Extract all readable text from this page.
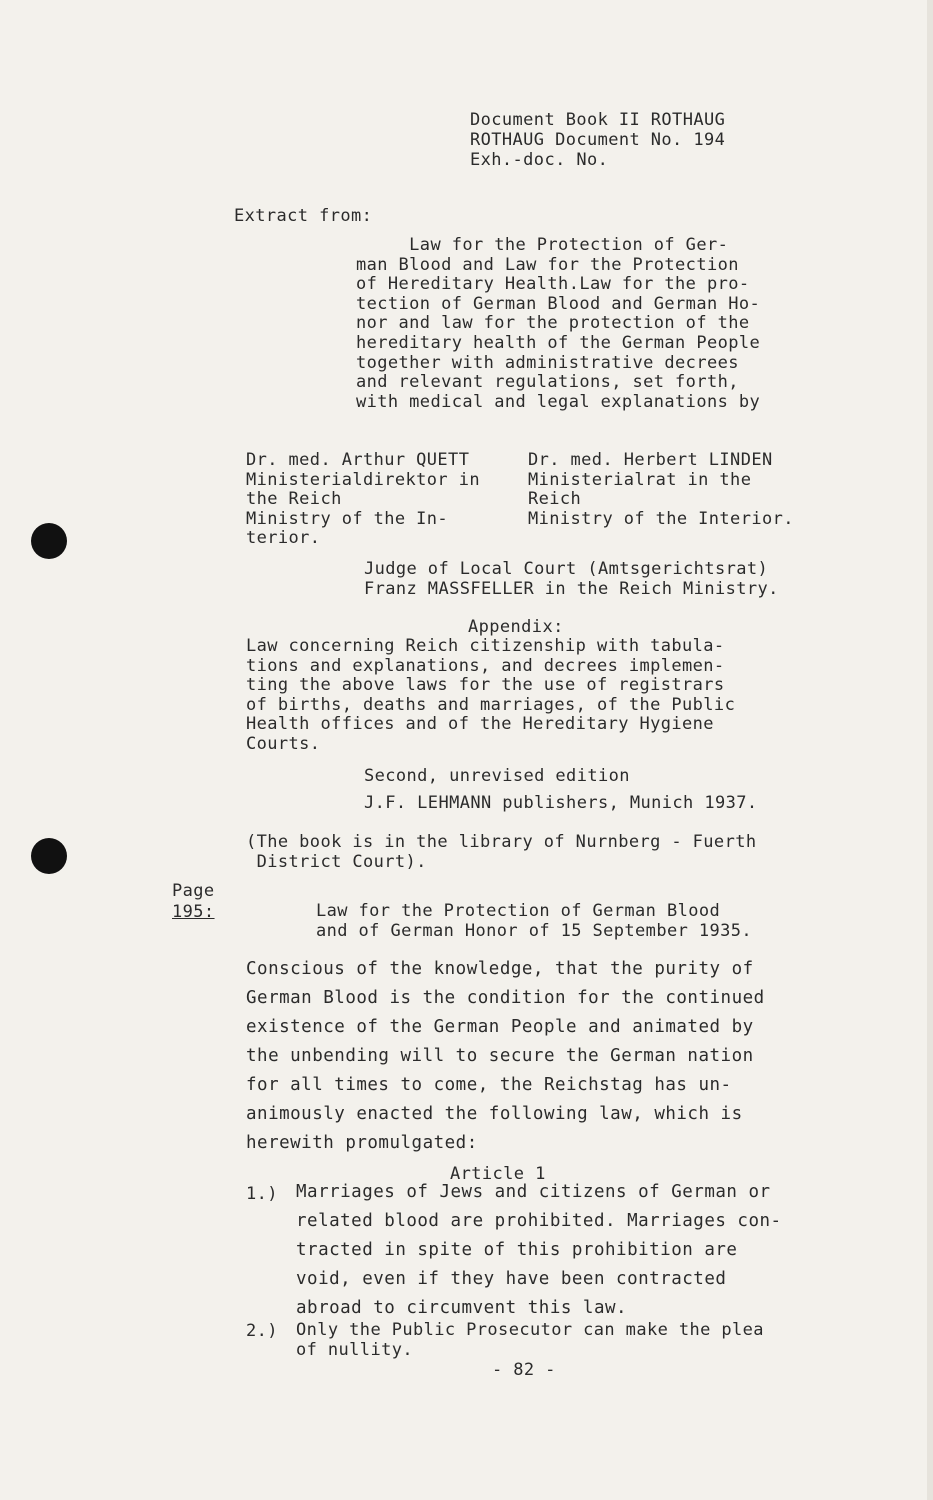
Document Book II ROTHAUG
ROTHAUG Document No. 194
Exh.-doc. No.
Extract from:
Law for the Protection of Ger-
man Blood and Law for the Protection
of Hereditary Health.Law for the pro-
tection of German Blood and German Ho-
nor and law for the protection of the
hereditary health of the German People
together with administrative decrees
and relevant regulations, set forth,
with medical and legal explanations by
Dr. med. Arthur QUETT
Ministerialdirektor in
the Reich
Ministry of the In-
terior.
Dr. med. Herbert LINDEN
Ministerialrat in the
Reich
Ministry of the Interior.
Judge of Local Court (Amtsgerichtsrat)
Franz MASSFELLER in the Reich Ministry.
Appendix:
Law concerning Reich citizenship with tabula-
tions and explanations, and decrees implemen-
ting the above laws for the use of registrars
of births, deaths and marriages, of the Public
Health offices and of the Hereditary Hygiene
Courts.
Second, unrevised edition
J.F. LEHMANN publishers, Munich 1937.
(The book is in the library of Nurnberg - Fuerth
District Court).
Page
195:	Law for the Protection of German Blood
and of German Honor of 15 September 1935.
Conscious of the knowledge, that the purity of
German Blood is the condition for the continued
existence of the German People and animated by
the unbending will to secure the German nation
for all times to come, the Reichstag has un-
animously enacted the following law, which is
herewith promulgated:
Article 1
1.) Marriages of Jews and citizens of German or
related blood are prohibited. Marriages con-
tracted in spite of this prohibition are
void, even if they have been contracted
abroad to circumvent this law.
2.) Only the Public Prosecutor can make the plea
of nullity.
- 82 -
